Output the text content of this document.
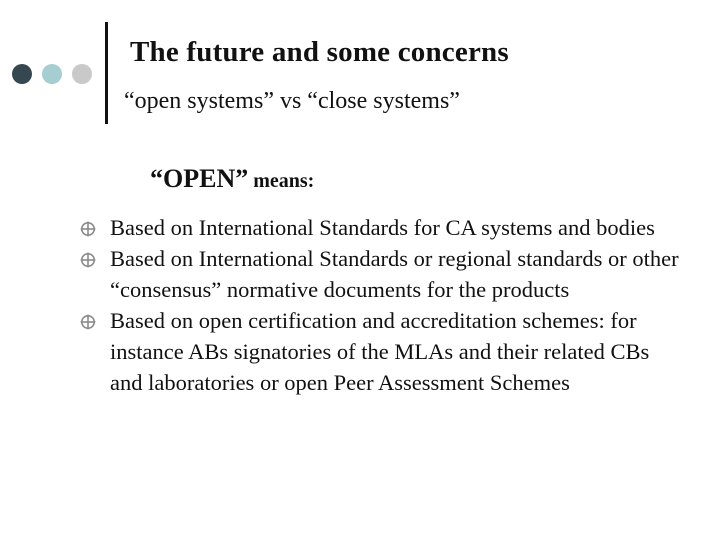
The future and some concerns
“open systems” vs “close systems”
“OPEN” means:
Based on International Standards for CA systems and bodies
Based on International Standards or regional standards or other “consensus” normative documents for the products
Based on open certification and accreditation schemes: for instance ABs signatories of the MLAs and their related CBs and laboratories or open Peer Assessment Schemes
